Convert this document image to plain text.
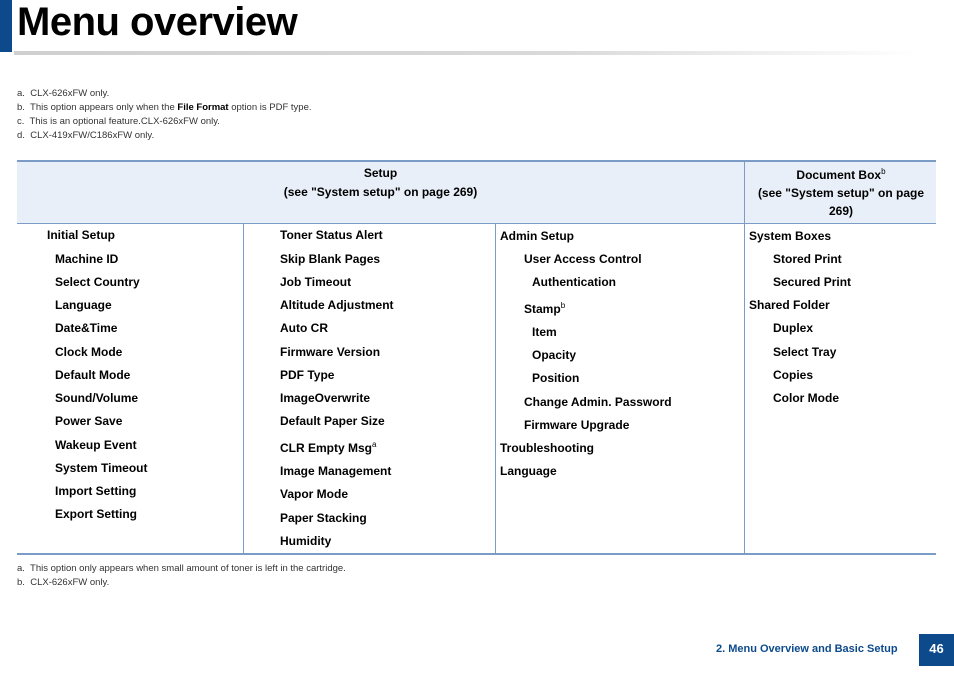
Menu overview
a. CLX-626xFW only.
b. This option appears only when the File Format option is PDF type.
c. This is an optional feature.CLX-626xFW only.
d. CLX-419xFW/C186xFW only.
Setup
(see "System setup" on page 269)
Document Box$^b$
(see "System setup" on page
269)
Initial Setup
Machine ID
Select Country
Language
Date&Time
Clock Mode
Default Mode
Sound/Volume
Power Save
Wakeup Event
System Timeout
Import Setting
Export Setting
Toner Status Alert
Skip Blank Pages
Job Timeout
Altitude Adjustment
Auto CR
Firmware Version
PDF Type
ImageOverwrite
Default Paper Size
CLR Empty Msg$^a$
Image Management
Vapor Mode
Paper Stacking
Humidity
Admin Setup
User Access Control
Authentication
Stamp$^b$
Item
Opacity
Position
Change Admin. Password
Firmware Upgrade
Troubleshooting
Language
System Boxes
Stored Print
Secured Print
Shared Folder
Duplex
Select Tray
Copies
Color Mode
a. This option only appears when small amount of toner is left in the cartridge.
b. CLX-626xFW only.
2. Menu Overview and Basic Setup	46
